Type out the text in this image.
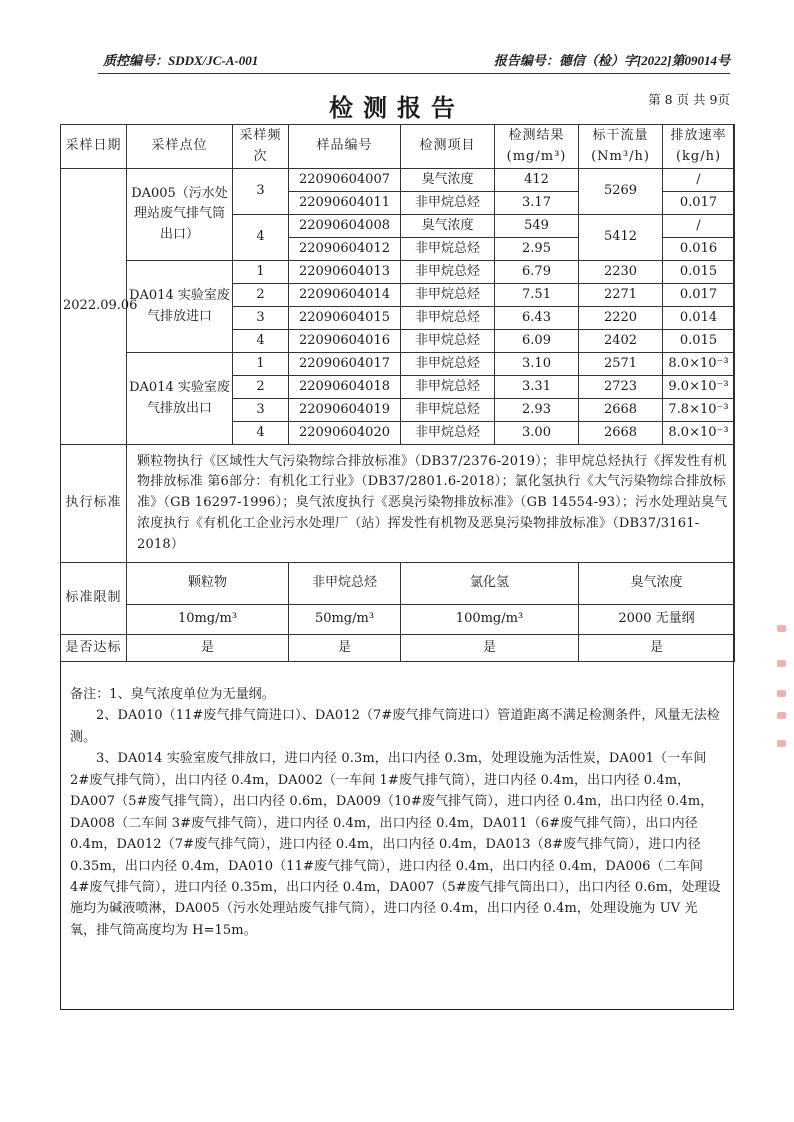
质控编号：SDDX/JC-A-001	报告编号：德信（检）字[2022]第09014号
检测报告	第 8 页 共 9页
采样日期	采样点位	采样频次	样品编号	检测项目	检测结果(mg/m³)	标干流量(Nm³/h)	排放速率(kg/h)
2022.09.06	DA005（污水处理站废气排气筒出口）	3	22090604007	臭气浓度	412	5269	/
			22090604011	非甲烷总烃	3.17		0.017
		4	22090604008	臭气浓度	549	5412	/
			22090604012	非甲烷总烃	2.95		0.016
	DA014 实验室废气排放进口	1	22090604013	非甲烷总烃	6.79	2230	0.015
		2	22090604014	非甲烷总烃	7.51	2271	0.017
		3	22090604015	非甲烷总烃	6.43	2220	0.014
		4	22090604016	非甲烷总烃	6.09	2402	0.015
	DA014 实验室废气排放出口	1	22090604017	非甲烷总烃	3.10	2571	8.0×10⁻³
		2	22090604018	非甲烷总烃	3.31	2723	9.0×10⁻³
		3	22090604019	非甲烷总烃	2.93	2668	7.8×10⁻³
		4	22090604020	非甲烷总烃	3.00	2668	8.0×10⁻³
执行标准	颗粒物执行《区域性大气污染物综合排放标准》（DB37/2376-2019）；非甲烷总烃执行《挥发性有机物排放标准 第6部分：有机化工行业》（DB37/2801.6-2018）；氯化氢执行《大气污染物综合排放标准》（GB 16297-1996）；臭气浓度执行《恶臭污染物排放标准》（GB 14554-93）；污水处理站臭气浓度执行《有机化工企业污水处理厂（站）挥发性有机物及恶臭污染物排放标准》（DB37/3161-2018）						
标准限制	颗粒物		非甲烷总烃	氯化氢		臭气浓度	
	10mg/m³		50mg/m³	100mg/m³		2000 无量纲	
是否达标	是		是	是		是	

备注：1、臭气浓度单位为无量纲。

2、DA010（11#废气排气筒进口）、DA012（7#废气排气筒进口）管道距离不满足检测条件，风量无法检测。

3、DA014 实验室废气排放口，进口内径 0.3m，出口内径 0.3m，处理设施为活性炭，DA001（一车间 2#废气排气筒），出口内径 0.4m，DA002（一车间 1#废气排气筒），进口内径 0.4m，出口内径 0.4m，DA007（5#废气排气筒），出口内径 0.6m，DA009（10#废气排气筒），进口内径 0.4m，出口内径 0.4m，DA008（二车间 3#废气排气筒），进口内径 0.4m，出口内径 0.4m，DA011（6#废气排气筒），出口内径 0.4m，DA012（7#废气排气筒），进口内径 0.4m，出口内径 0.4m，DA013（8#废气排气筒），进口内径 0.35m，出口内径 0.4m，DA010（11#废气排气筒），进口内径 0.4m，出口内径 0.4m，DA006（二车间 4#废气排气筒），进口内径 0.35m，出口内径 0.4m，DA007（5#废气排气筒出口），出口内径 0.6m，处理设施均为碱液喷淋，DA005（污水处理站废气排气筒），进口内径 0.4m，出口内径 0.4m，处理设施为 UV 光氧，排气筒高度均为 H=15m。
